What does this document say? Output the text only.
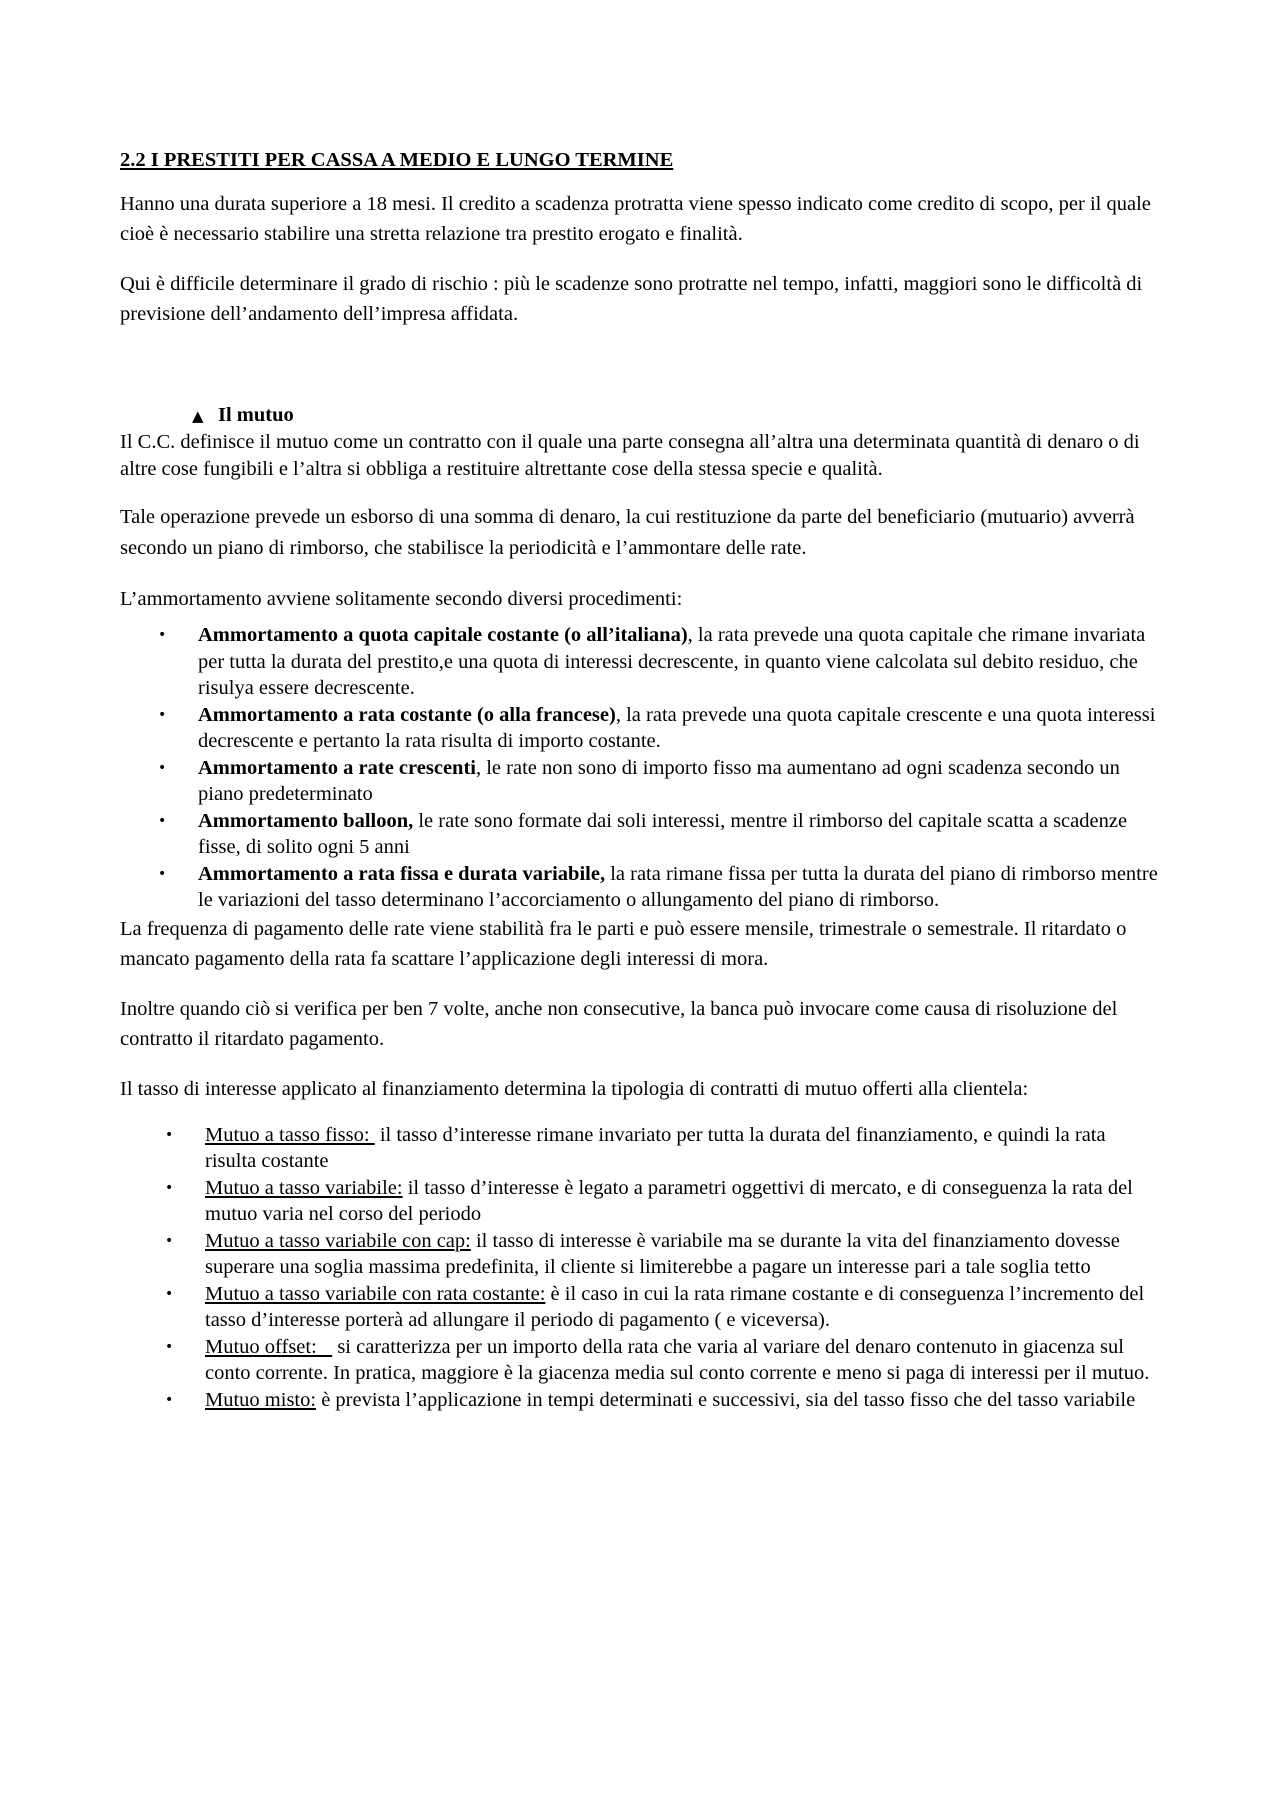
2.2 I PRESTITI PER CASSA A MEDIO E LUNGO TERMINE

Hanno una durata superiore a 18 mesi. Il credito a scadenza protratta viene spesso indicato come credito di scopo, per il quale cioè è necessario stabilire una stretta relazione tra prestito erogato e finalità.

Qui è difficile determinare il grado di rischio : più le scadenze sono protratte nel tempo, infatti, maggiori sono le difficoltà di previsione dell’andamento dell’impresa affidata.

▲ Il mutuo

Il C.C. definisce il mutuo come un contratto con il quale una parte consegna all’altra una determinata quantità di denaro o di altre cose fungibili e l’altra si obbliga a restituire altrettante cose della stessa specie e qualità.

Tale operazione prevede un esborso di una somma di denaro, la cui restituzione da parte del beneficiario (mutuario) avverrà secondo un piano di rimborso, che stabilisce la periodicità e l’ammontare delle rate.

L’ammortamento avviene solitamente secondo diversi procedimenti:

• Ammortamento a quota capitale costante (o all’italiana), la rata prevede una quota capitale che rimane invariata per tutta la durata del prestito,e una quota di interessi decrescente, in quanto viene calcolata sul debito residuo, che risulya essere decrescente.
• Ammortamento a rata costante (o alla francese), la rata prevede una quota capitale crescente e una quota interessi decrescente e pertanto la rata risulta di importo costante.
• Ammortamento a rate crescenti, le rate non sono di importo fisso ma aumentano ad ogni scadenza secondo un piano predeterminato
• Ammortamento balloon, le rate sono formate dai soli interessi, mentre il rimborso del capitale scatta a scadenze fisse, di solito ogni 5 anni
• Ammortamento a rata fissa e durata variabile, la rata rimane fissa per tutta la durata del piano di rimborso mentre le variazioni del tasso determinano l’accorciamento o allungamento del piano di rimborso.

La frequenza di pagamento delle rate viene stabilità fra le parti e può essere mensile, trimestrale o semestrale. Il ritardato o mancato pagamento della rata fa scattare l’applicazione degli interessi di mora.

Inoltre quando ciò si verifica per ben 7 volte, anche non consecutive, la banca può invocare come causa di risoluzione del contratto il ritardato pagamento.

Il tasso di interesse applicato al finanziamento determina la tipologia di contratti di mutuo offerti alla clientela:

• Mutuo a tasso fisso:  il tasso d’interesse rimane invariato per tutta la durata del finanziamento, e quindi la rata risulta costante
• Mutuo a tasso variabile: il tasso d’interesse è legato a parametri oggettivi di mercato, e di conseguenza la rata del mutuo varia nel corso del periodo
• Mutuo a tasso variabile con cap: il tasso di interesse è variabile ma se durante la vita del finanziamento dovesse superare una soglia massima predefinita, il cliente si limiterebbe a pagare un interesse pari a tale soglia tetto
• Mutuo a tasso variabile con rata costante: è il caso in cui la rata rimane costante e di conseguenza l’incremento del tasso d’interesse porterà ad allungare il periodo di pagamento ( e viceversa).
• Mutuo offset:    si caratterizza per un importo della rata che varia al variare del denaro contenuto in giacenza sul conto corrente. In pratica, maggiore è la giacenza media sul conto corrente e meno si paga di interessi per il mutuo.
• Mutuo misto: è prevista l’applicazione in tempi determinati e successivi, sia del tasso fisso che del tasso variabile
